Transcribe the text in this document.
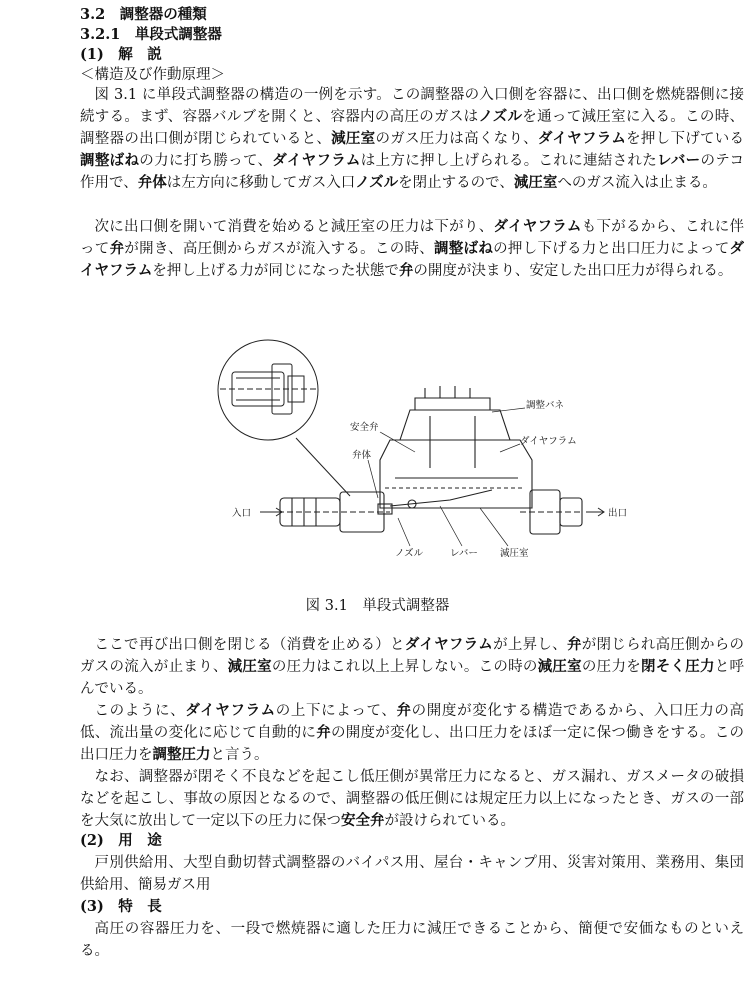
3.2　調整器の種類
3.2.1　単段式調整器
(1)　解　説
＜構造及び作動原理＞

図 3.1 に単段式調整器の構造の一例を示す。この調整器の入口側を容器に、出口側を燃焼器側に接続する。まず、容器バルブを開くと、容器内の高圧のガスはノズルを通って減圧室に入る。この時、調整器の出口側が閉じられていると、減圧室のガス圧力は高くなり、ダイヤフラムを押し下げている調整ばねの力に打ち勝って、ダイヤフラムは上方に押し上げられる。これに連結されたレバーのテコ作用で、弁体は左方向に移動してガス入口ノズルを閉止するので、減圧室へのガス流入は止まる。

次に出口側を開いて消費を始めると減圧室の圧力は下がり、ダイヤフラムも下がるから、これに伴って弁が開き、高圧側からガスが流入する。この時、調整ばねの押し下げる力と出口圧力によってダイヤフラムを押し上げる力が同じになった状態で弁の開度が決まり、安定した出口圧力が得られる。

調整バネ
ダイヤフラム
安全弁
弁体
入口	出口
ノズル	レバー 減圧室
図 3.1　単段式調整器

ここで再び出口側を閉じる（消費を止める）とダイヤフラムが上昇し、弁が閉じられ高圧側からのガスの流入が止まり、減圧室の圧力はこれ以上上昇しない。この時の減圧室の圧力を閉そく圧力と呼んでいる。

このように、ダイヤフラムの上下によって、弁の開度が変化する構造であるから、入口圧力の高低、流出量の変化に応じて自動的に弁の開度が変化し、出口圧力をほぼ一定に保つ働きをする。この出口圧力を調整圧力と言う。

なお、調整器が閉そく不良などを起こし低圧側が異常圧力になると、ガス漏れ、ガスメータの破損などを起こし、事故の原因となるので、調整器の低圧側には規定圧力以上になったとき、ガスの一部を大気に放出して一定以下の圧力に保つ安全弁が設けられている。

(2)　用　途

戸別供給用、大型自動切替式調整器のバイパス用、屋台・キャンプ用、災害対策用、業務用、集団供給用、簡易ガス用

(3)　特　長

高圧の容器圧力を、一段で燃焼器に適した圧力に減圧できることから、簡便で安価なものといえる。
